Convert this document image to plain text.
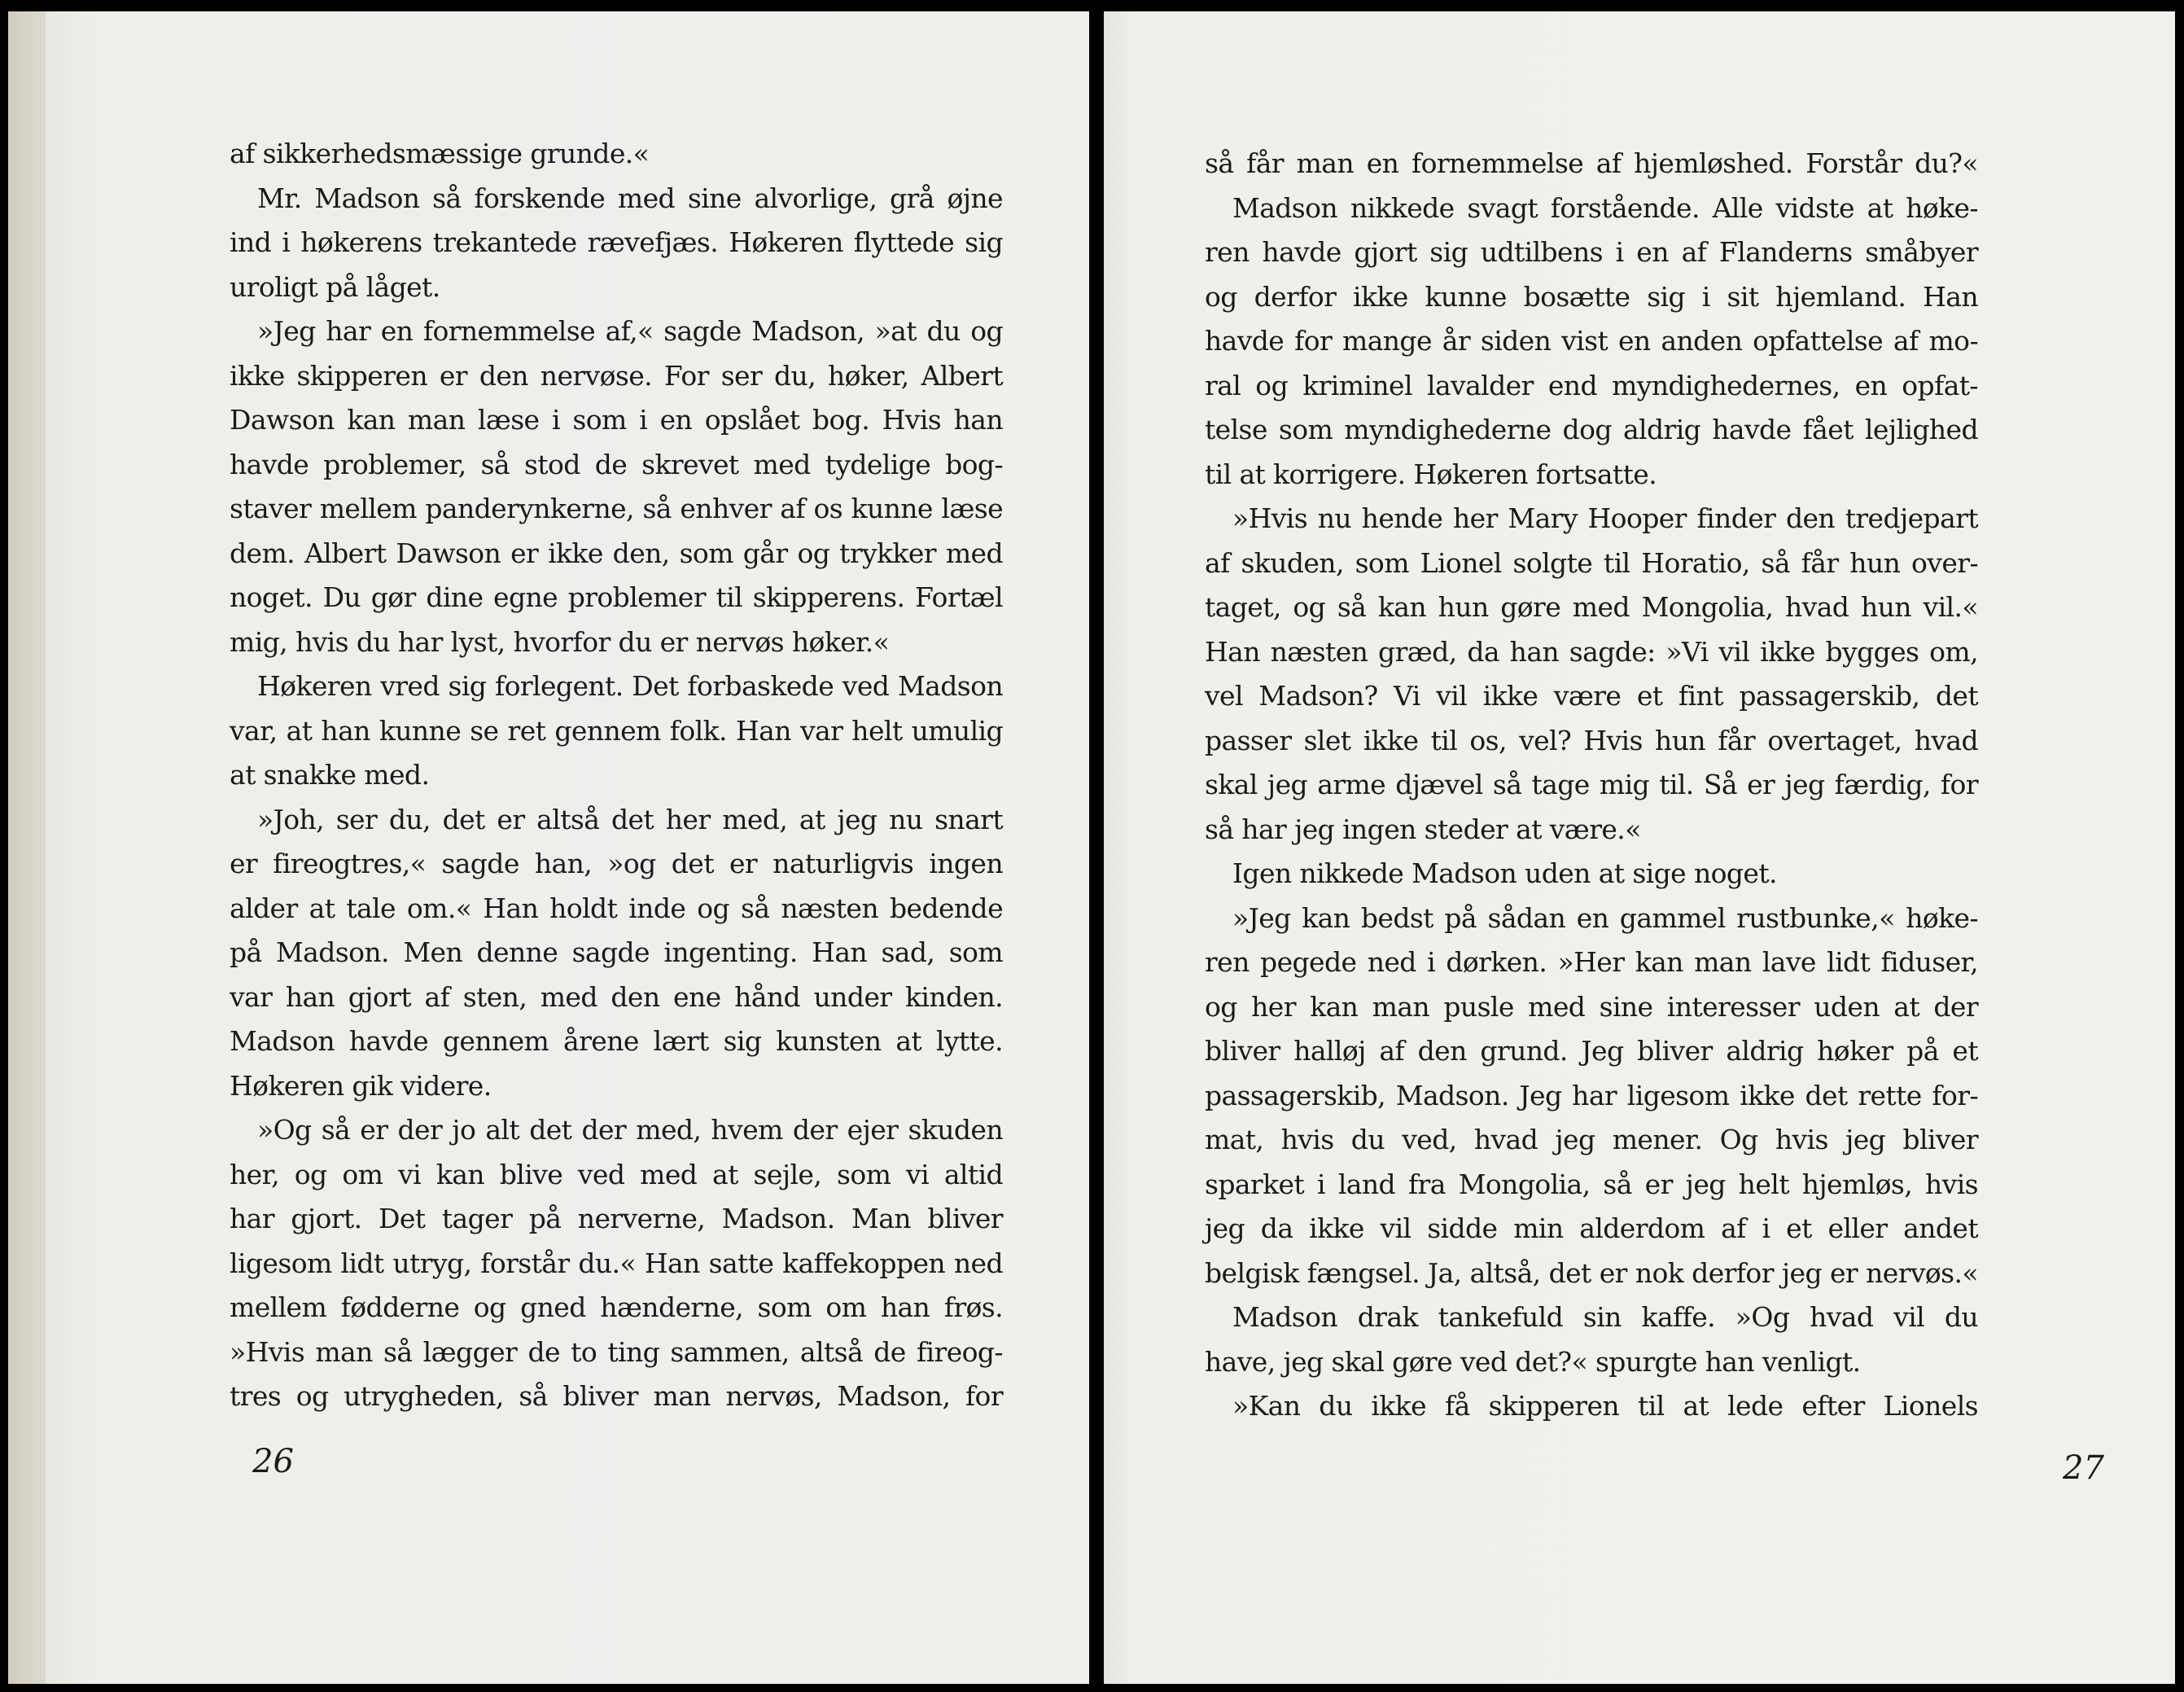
af sikkerhedsmæssige grunde.«
Mr. Madson så forskende med sine alvorlige, grå øjne
ind i høkerens trekantede rævefjæs. Høkeren flyttede sig
uroligt på låget.
»Jeg har en fornemmelse af,« sagde Madson, »at du og
ikke skipperen er den nervøse. For ser du, høker, Albert
Dawson kan man læse i som i en opslået bog. Hvis han
havde problemer, så stod de skrevet med tydelige bog-
staver mellem panderynkerne, så enhver af os kunne læse
dem. Albert Dawson er ikke den, som går og trykker med
noget. Du gør dine egne problemer til skipperens. Fortæl
mig, hvis du har lyst, hvorfor du er nervøs høker.«
Høkeren vred sig forlegent. Det forbaskede ved Madson
var, at han kunne se ret gennem folk. Han var helt umulig
at snakke med.
»Joh, ser du, det er altså det her med, at jeg nu snart
er fireogtres,« sagde han, »og det er naturligvis ingen
alder at tale om.« Han holdt inde og så næsten bedende
på Madson. Men denne sagde ingenting. Han sad, som
var han gjort af sten, med den ene hånd under kinden.
Madson havde gennem årene lært sig kunsten at lytte.
Høkeren gik videre.
»Og så er der jo alt det der med, hvem der ejer skuden
her, og om vi kan blive ved med at sejle, som vi altid
har gjort. Det tager på nerverne, Madson. Man bliver
ligesom lidt utryg, forstår du.« Han satte kaffekoppen ned
mellem fødderne og gned hænderne, som om han frøs.
»Hvis man så lægger de to ting sammen, altså de fireog-
tres og utrygheden, så bliver man nervøs, Madson, for
26
så får man en fornemmelse af hjemløshed. Forstår du?«
Madson nikkede svagt forstående. Alle vidste at høke-
ren havde gjort sig udtilbens i en af Flanderns småbyer
og derfor ikke kunne bosætte sig i sit hjemland. Han
havde for mange år siden vist en anden opfattelse af mo-
ral og kriminel lavalder end myndighedernes, en opfat-
telse som myndighederne dog aldrig havde fået lejlighed
til at korrigere. Høkeren fortsatte.
»Hvis nu hende her Mary Hooper finder den tredjepart
af skuden, som Lionel solgte til Horatio, så får hun over-
taget, og så kan hun gøre med Mongolia, hvad hun vil.«
Han næsten græd, da han sagde: »Vi vil ikke bygges om,
vel Madson? Vi vil ikke være et fint passagerskib, det
passer slet ikke til os, vel? Hvis hun får overtaget, hvad
skal jeg arme djævel så tage mig til. Så er jeg færdig, for
så har jeg ingen steder at være.«
Igen nikkede Madson uden at sige noget.
»Jeg kan bedst på sådan en gammel rustbunke,« høke-
ren pegede ned i dørken. »Her kan man lave lidt fiduser,
og her kan man pusle med sine interesser uden at der
bliver halløj af den grund. Jeg bliver aldrig høker på et
passagerskib, Madson. Jeg har ligesom ikke det rette for-
mat, hvis du ved, hvad jeg mener. Og hvis jeg bliver
sparket i land fra Mongolia, så er jeg helt hjemløs, hvis
jeg da ikke vil sidde min alderdom af i et eller andet
belgisk fængsel. Ja, altså, det er nok derfor jeg er nervøs.«
Madson drak tankefuld sin kaffe. »Og hvad vil du
have, jeg skal gøre ved det?« spurgte han venligt.
»Kan du ikke få skipperen til at lede efter Lionels
27
